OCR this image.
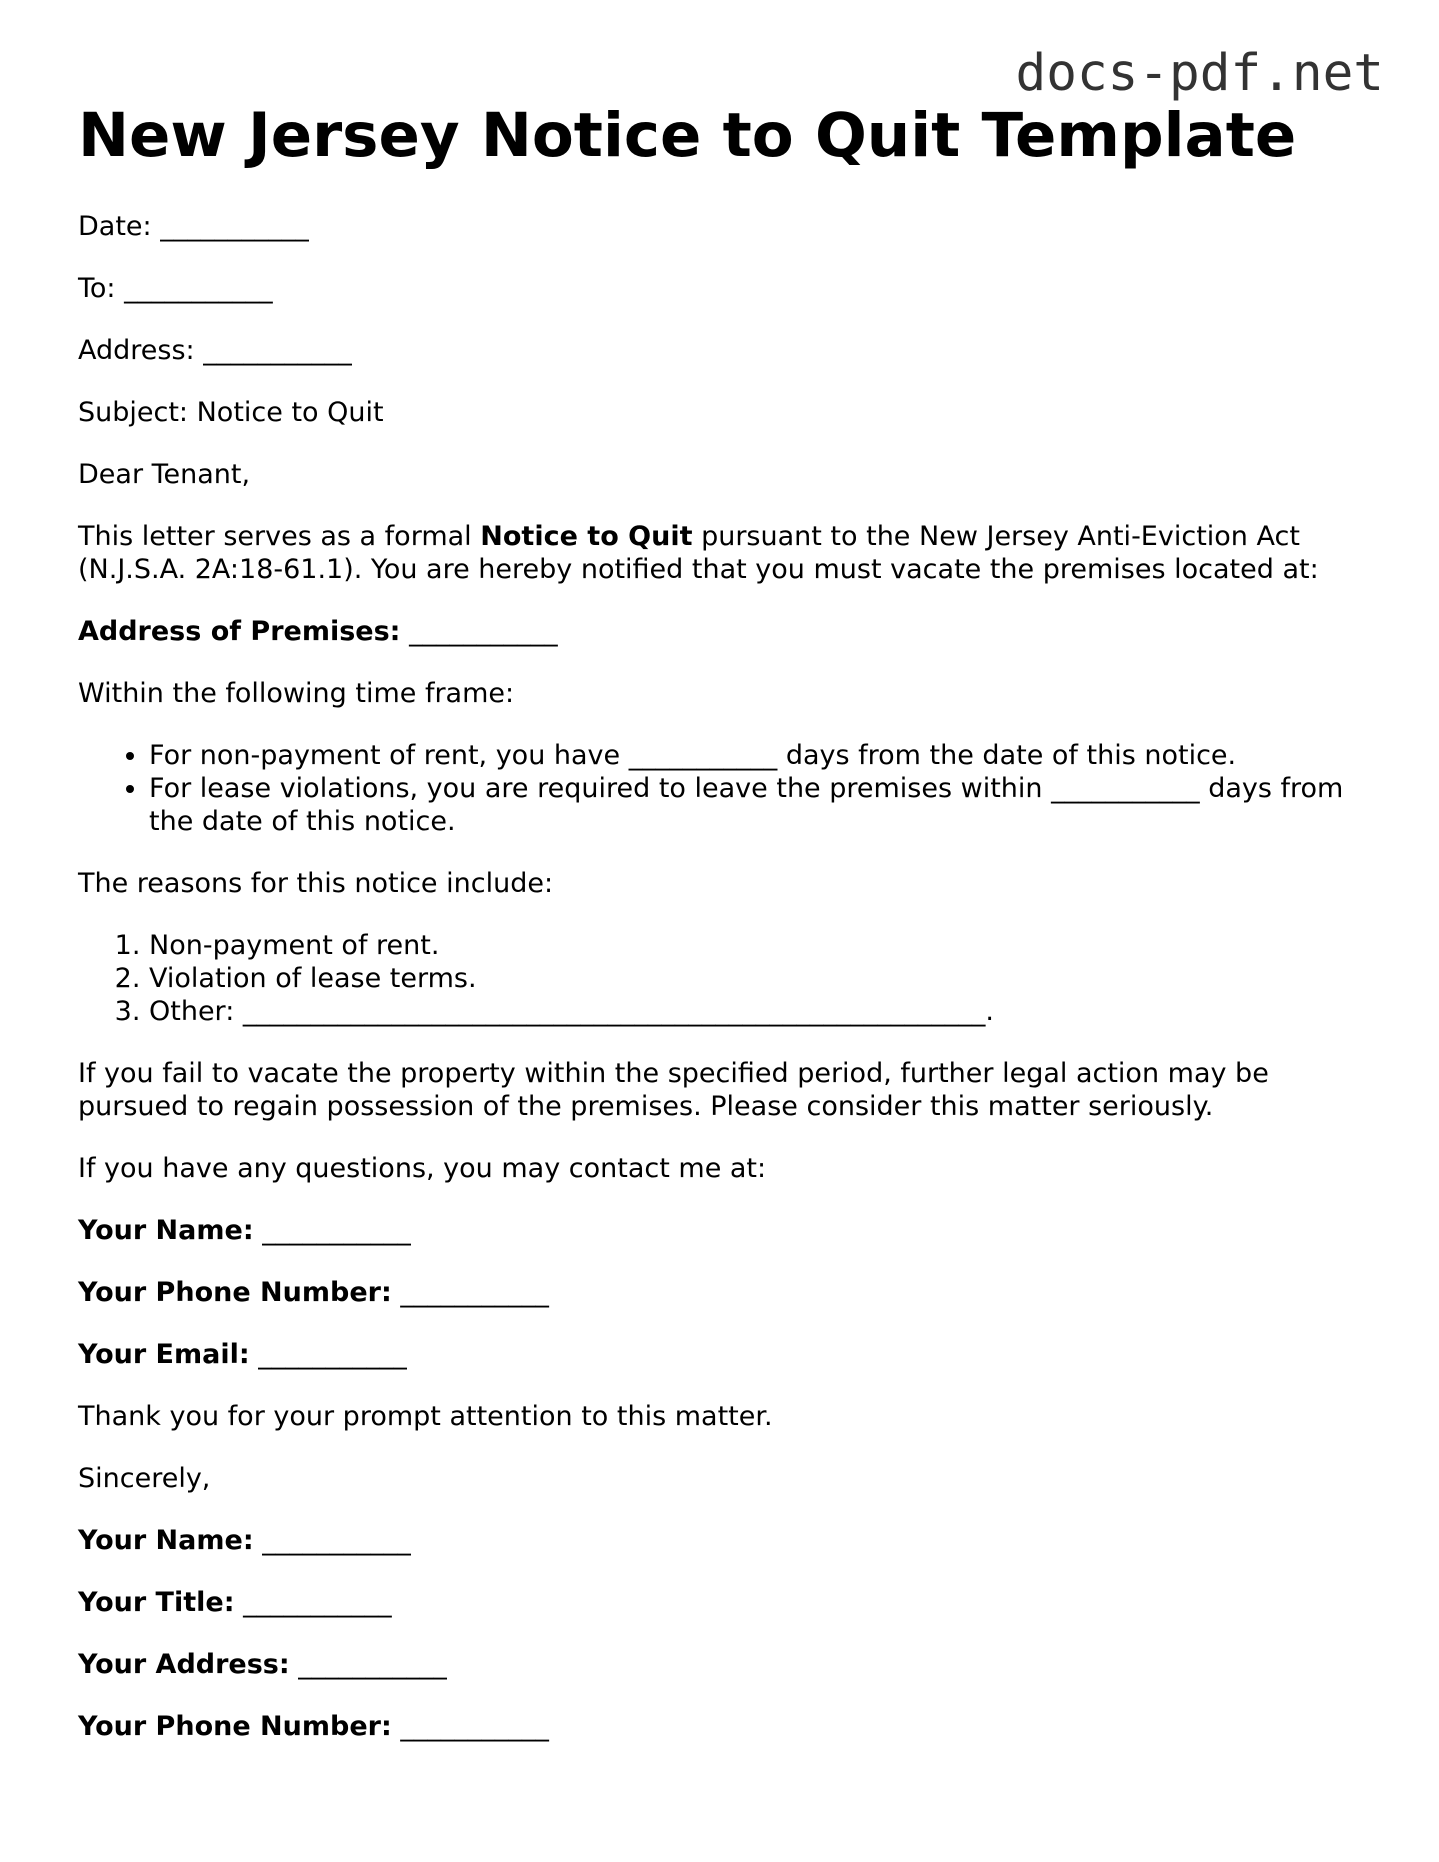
docs-pdf.net
New Jersey Notice to Quit Template

Date: ___________

To: ___________

Address: ___________

Subject: Notice to Quit

Dear Tenant,

This letter serves as a formal Notice to Quit pursuant to the New Jersey Anti-Eviction Act (N.J.S.A. 2A:18-61.1). You are hereby notified that you must vacate the premises located at:

Address of Premises: ___________

Within the following time frame:

• For non-payment of rent, you have ___________ days from the date of this notice.
• For lease violations, you are required to leave the premises within ___________ days from the date of this notice.

The reasons for this notice include:

1. Non-payment of rent.
2. Violation of lease terms.
3. Other: _______________________________________________________.

If you fail to vacate the property within the specified period, further legal action may be pursued to regain possession of the premises. Please consider this matter seriously.

If you have any questions, you may contact me at:

Your Name: ___________

Your Phone Number: ___________

Your Email: ___________

Thank you for your prompt attention to this matter.

Sincerely,

Your Name: ___________

Your Title: ___________

Your Address: ___________

Your Phone Number: ___________
